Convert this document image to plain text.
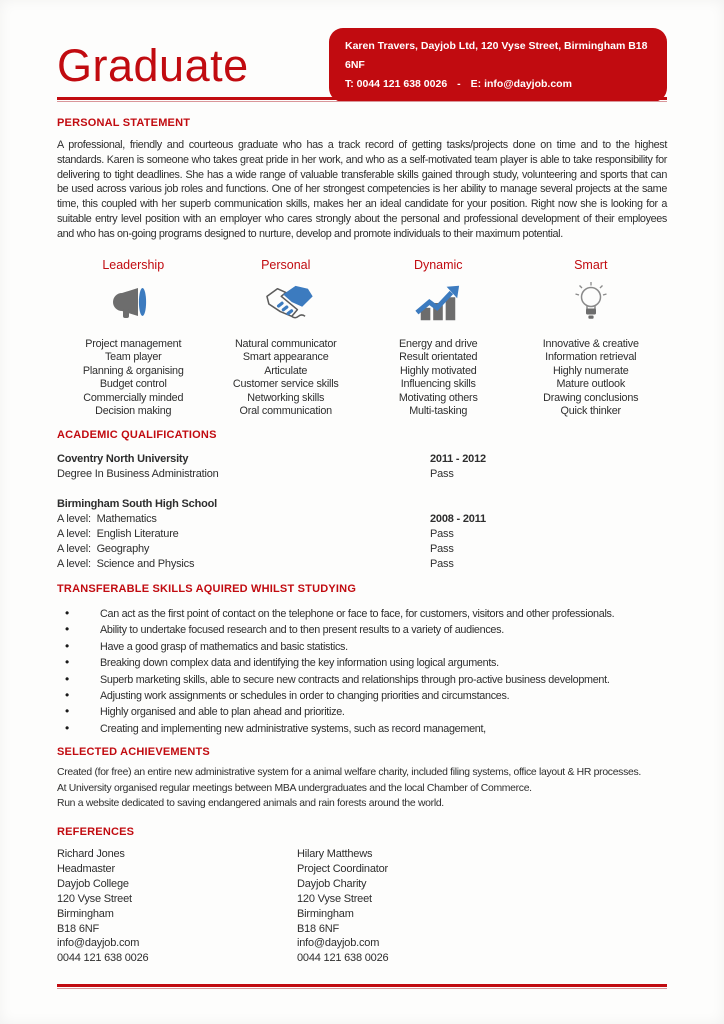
Graduate	Karen Travers, Dayjob Ltd, 120 Vyse Street, Birmingham B18 6NF
T: 0044 121 638 0026 - E: info@dayjob.com
PERSONAL STATEMENT
A professional, friendly and courteous graduate who has a track record of getting tasks/projects done on time and to the highest standards. Karen is someone who takes great pride in her work, and who as a self-motivated team player is able to take responsibility for delivering to tight deadlines. She has a wide range of valuable transferable skills gained through study, volunteering and sports that can be used across various job roles and functions. One of her strongest competencies is her ability to manage several projects at the same time, this coupled with her superb communication skills, makes her an ideal candidate for your position. Right now she is looking for a suitable entry level position with an employer who cares strongly about the personal and professional development of their employees and who has on-going programs designed to nurture, develop and promote individuals to their maximum potential.
Leadership
Project management
Team player
Planning & organising
Budget control
Commercially minded
Decision making
Personal
Natural communicator
Smart appearance
Articulate
Customer service skills
Networking skills
Oral communication
Dynamic
Energy and drive
Result orientated
Highly motivated
Influencing skills
Motivating others
Multi-tasking
Smart
Innovative & creative
Information retrieval
Highly numerate
Mature outlook
Drawing conclusions
Quick thinker
ACADEMIC QUALIFICATIONS
Coventry North University	2011 - 2012
Degree In Business Administration	Pass
Birmingham South High School
A level:  Mathematics	2008 - 2011
A level:  English Literature	Pass
A level:  Geography	Pass
A level:  Science and Physics	Pass
TRANSFERABLE SKILLS AQUIRED WHILST STUDYING
• Can act as the first point of contact on the telephone or face to face, for customers, visitors and other professionals.
• Ability to undertake focused research and to then present results to a variety of audiences.
• Have a good grasp of mathematics and basic statistics.
• Breaking down complex data and identifying the key information using logical arguments.
• Superb marketing skills, able to secure new contracts and relationships through pro-active business development.
• Adjusting work assignments or schedules in order to changing priorities and circumstances.
• Highly organised and able to plan ahead and prioritize.
• Creating and implementing new administrative systems, such as record management,
SELECTED ACHIEVEMENTS
Created (for free) an entire new administrative system for a animal welfare charity, included filing systems, office layout & HR processes.
At University organised regular meetings between MBA undergraduates and the local Chamber of Commerce.
Run a website dedicated to saving endangered animals and rain forests around the world.
REFERENCES
Richard Jones
Headmaster
Dayjob College
120 Vyse Street
Birmingham
B18 6NF
info@dayjob.com
0044 121 638 0026
Hilary Matthews
Project Coordinator
Dayjob Charity
120 Vyse Street
Birmingham
B18 6NF
info@dayjob.com
0044 121 638 0026
